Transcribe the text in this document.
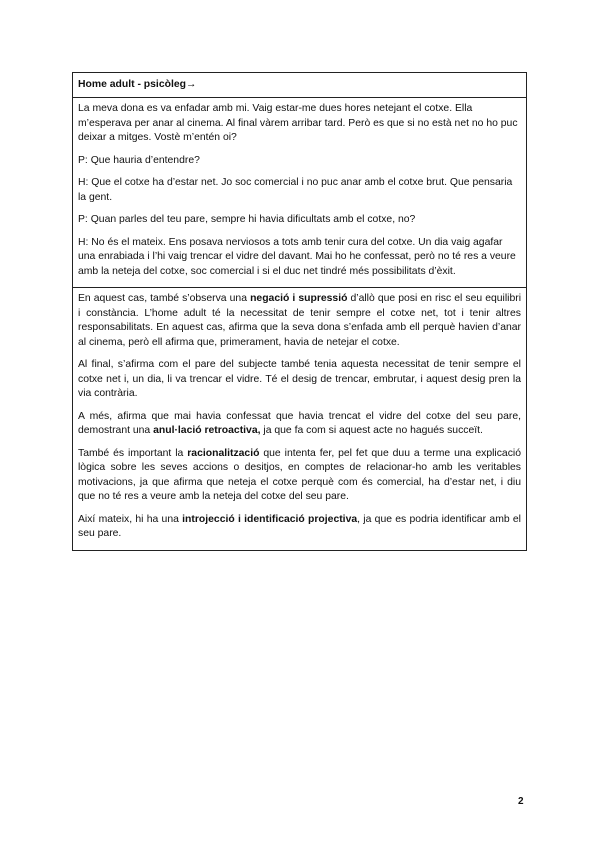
Home adult - psicòleg→

La meva dona es va enfadar amb mi. Vaig estar-me dues hores netejant el cotxe. Ella m’esperava per anar al cinema. Al final vàrem arribar tard. Però es que si no està net no ho puc deixar a mitges. Vostè m’entén oi?

P: Que hauria d’entendre?

H: Que el cotxe ha d’estar net. Jo soc comercial i no puc anar amb el cotxe brut. Que pensaria la gent.

P: Quan parles del teu pare, sempre hi havia dificultats amb el cotxe, no?

H: No és el mateix. Ens posava nerviosos a tots amb tenir cura del cotxe. Un dia vaig agafar una enrabiada i l’hi vaig trencar el vidre del davant. Mai ho he confessat, però no té res a veure amb la neteja del cotxe, soc comercial i si el duc net tindré més possibilitats d’èxit.

En aquest cas, també s’observa una negació i supressió d’allò que posi en risc el seu equilibri i constància. L’home adult té la necessitat de tenir sempre el cotxe net, tot i tenir altres responsabilitats. En aquest cas, afirma que la seva dona s’enfada amb ell perquè havien d’anar al cinema, però ell afirma que, primerament, havia de netejar el cotxe.

Al final, s’afirma com el pare del subjecte també tenia aquesta necessitat de tenir sempre el cotxe net i, un dia, li va trencar el vidre. Té el desig de trencar, embrutar, i aquest desig pren la via contrària.

A més, afirma que mai havia confessat que havia trencat el vidre del cotxe del seu pare, demostrant una anul·lació retroactiva, ja que fa com si aquest acte no hagués succeït.

També és important la racionalització que intenta fer, pel fet que duu a terme una explicació lògica sobre les seves accions o desitjos, en comptes de relacionar-ho amb les veritables motivacions, ja que afirma que neteja el cotxe perquè com és comercial, ha d’estar net, i diu que no té res a veure amb la neteja del cotxe del seu pare.

Així mateix, hi ha una introjecció i identificació projectiva, ja que es podria identificar amb el seu pare.

2
